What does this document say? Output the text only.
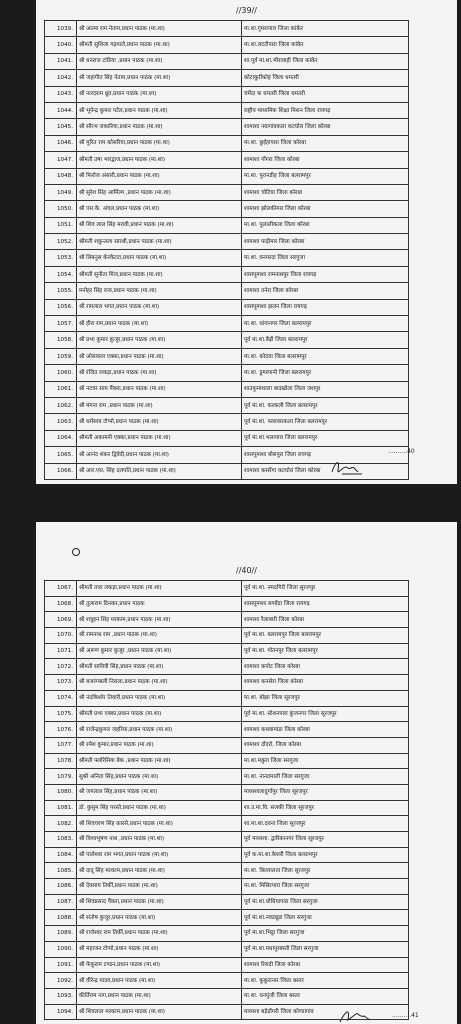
//39//
1039.	श्री आत्मा राम नेताम,प्रधान पाठक (मा.शा)	मा.शा.गुमरापारा जिला कांकेर
1040.	श्रीमती सुशिला गढ़पाले,प्रधान पाठक (मा.शा)	मा.शा.लटटीपारा जिला कांकेर
1041.	श्री धनराज टांडिया ,प्रधान पाठक (मा.शा)	शा.पूर्व मा.शा.भीरावाही जिला कांकेर
1042.	श्री जहांगीत सिंह नेताम,प्रधान पाठक (मा.शा)	कोटाकुर्रीकोहं जिला धमतरी
1043.	श्री नारदराम ध्रुव,प्रधान पाठक (मा.शा)	चमेंदा क धमतरी जिला धमतरी
1044.	श्री भूपेन्द्र कुमार पटेल,प्रधान पाठक (मा.शा)	राष्ट्रीय माध्यमिक शिक्षा मिशन जिला रायगढ़
1045.	श्री सौरभ जकारिया,प्रधान पाठक (मा.शा)	शामाशा नवागांवकला कटघोरा जिला कोरबा
1046.	श्री मुरित राम कोसरिया,प्रधान पाठक (मा.शा)	मा.शा. छुईहापारा जिला कोरबा
1047.	श्रीमती उषा भारद्वाज,प्रधान पाठक (मा.शा)	शामाशा गोंगरा जिला कोरबा
1048.	श्री फिरोज अंसारी,प्रधान पाठक (मा.शा)	मा.शा. पुरानडीह जिला बलरामपुर
1049.	श्री सुरेश सिंह आर्मिल्य ,प्रधान पाठक (मा.शा)	शामाशा चोटिया जिला कोरबा
1050.	श्री एस.के. अंचल,प्रधान पाठक (मा.शा)	शामाशा झोलकीमार जिला कोरबा
1051.	श्री शिव लाल सिंह मरावी,प्रधान पाठक (मा.शा)	मा.शा. पुलालीकला जिला कोरबा
1052.	श्रीमती शकुन्तला सारथी,प्रधान पाठक (मा.शा)	शामाशा पाड़ीमार जिला कोरबा
1053.	श्री लिबनुस केरकेटटा,प्रधान पाठक (मा.शा)	मा.शा. घनपरदा जिला सरगुजा
1054.	श्रीमती सुनीता मिंज,प्रधान पाठक (मा.शा)	शासपूमाशा रामनाथपुर जिला रायगढ़
1055.	मनोहर सिंह राज,प्रधान पाठक (मा.शा)	शामाशा तनेरा जिला कोरबा
1056.	श्री रामलाल भगत,प्रधान पाठक (मा.शा)	शासपूमाशा झलन जिला रायगढ़
1057.	श्री हीरा राम,प्रधान पाठक (मा.शा)	मा.शा. धांगानगर जिला बलरामपुर
1058.	श्री प्रभा कुमार कुजूर,प्रधान पाठक (मा.शा)	पूर्व मा.शा.बैढ़ी जिला बलरामपुर
1059.	श्री ओसवल्ल एक्का,प्रधान पाठक (मा.शा)	मा.शा. कोदया जिला बलरामपुर
1060.	श्री रंजित लकड़ा,प्रधान पाठक (मा.शा)	मा.शा. डूमरपानी जिला बलरामपुर
1061.	श्री नटवर साय पैंकरा,प्रधान पाठक (मा.शा)	शाउफूमाशाला बादखोला जिला जशपुर
1062.	श्री मंगना राम ,प्रधान पाठक (मा.शा)	पूर्व मा.शा. करकली जिला बलरामपुर
1063.	श्री धर्मसाय टोप्पो,प्रधान पाठक (मा.शा)	पूर्व मा.शा. परसवारकला जिला बलरामपुर
1064.	श्रीमती अकामनी एक्का,प्रधान पाठक (मा.शा)	पूर्व मा.शा.भलापारा जिला बलरामपुर
1065.	श्री आनंद शंकर द्विवेदी,प्रधान पाठक (मा.शा)	शासपूमाशा बोसपुरा जिला रायगढ़
1066.	श्री आर.एस. सिंह दलपति,प्रधान पाठक (मा.शा)	शामाशा कसरेंगा कटघोरा जिला कोरबा
..........40
//40//
1067.	श्रीमती तारा लकड़ा,प्रधान पाठक (मा.शा)	पूर्व मा.शा. नमदगिरी जिला सूरजपुर
1068.	श्री तुलाराम दिनकर,प्रधान पाठक	शासपूमाशा बगबेंदा जिला रायगढ़
1069.	श्री शत्रुहन सिंह मरकाम,प्रधान पाठक (मा.शा)	शामाशा रैलाबारी जिला कोरबा
1070.	श्री रामनाथ राम ,प्रधान पाठक (मा.शा)	पूर्व मा.शा. बलरामपुर जिला बलरामपुर
1071.	श्री अरूण कुमार कुजूर ,प्रधान पाठक (मा.शा)	पूर्व मा.शा. गोतनपुर जिला बलरामपुर
1072.	श्रीमती सावित्री सिंह,प्रधान पाठक (मा.शा)	शामाशा कपोट जिला कोरबा
1073.	श्री बजरंगबली निराला,प्रधान पाठक (मा.शा)	शामाशा कनसेरा जिला कोरबा
1074.	श्री नंदकिशोर तिवारी,प्रधान पाठक (मा.शा)	मा.शा. बोझा जिला सूरजपुर
1075.	श्रीमती प्रभा एक्का,प्रधान पाठक (मा.शा)	पूर्व मा.शा. स्टेशनपारा कुंजनगर जिला सूरजपुर
1076.	श्री राजेन्द्रकुमार जहरिया,प्रधान पाठक (मा.शा)	शामाशा कथवामांडा जिला कोरबा
1077.	श्री रमेश कुमार,प्रधान पाठक (मा.शा)	शामाशा दोंदरो, जिला कोरबा
1078.	श्रीमती फ्लोरेसिया बेक ,प्रधान पाठक (मा.शा)	मा.शा.मकुरा जिला सरगुजा
1079.	सुश्री अनिता सिंह,प्रधान पाठक (मा.शा)	मा.शा. नानदमाली जिला सरगुजा
1080.	श्री जगलाल सिंह,प्रधान पाठक (मा.शा)	माध्यशालादुर्गापुर जिला सूरजपुर
1081.	डॉ. कुसुम सिंह परस्ते,प्रधान पाठक (मा.शा)	शा.उ.मा.वि. सलकी जिला सूरजपुर
1082.	श्री शिवचरण सिंह कारसे,प्रधान पाठक (मा.शा)	शा.मा.शा.दवना जिला सूरजपुर
1083.	श्री विश्वभूषण नाथ ,प्रधान पाठक (मा.शा)	पूर्व माध्यशा. द्वारिकानगर जिला सूरजपुर
1084.	श्री पालेश्वर राम भगत,प्रधान पाठक (मा.शा)	पूर्व क.मा.शा.केशरी जिला बलरामपुर
1085.	श्री दादू सिंह मरकाम,प्रधान पाठक (मा.शा)	मा.शा. बिल्लालता जिला सूरजपुर
1086.	श्री देवसाय तिर्की,प्रधान पाठक (मा.शा)	मा.शा. मिसिरपारा जिला सरगुजा
1087.	श्री शिवप्रसाद पैंकरा,प्रधान पाठक (मा.शा)	पूर्व मा.शा.धोधियापारा जिला सरगुजा
1088.	श्री संतोष कुजूर,प्रधान पाठक (मा.शा)	पूर्व मा.शा.नवडबूडा जिला सरगुजा
1089.	श्री राजेश्वर राम तिर्की,प्रधान पाठक (मा.शा)	पूर्व मा.शा.भिट्ठा जिला सरगुजा
1090.	श्री महाजन टोप्पो,प्रधान पाठक (मा.शा)	पूर्व मा.शा.मधापुरबस्ती जिला सरगुजा
1091.	श्री फेकूराम टण्डन,प्रधान पाठक (मा.शा)	शामाशा रिसदी जिला कोरबा
1092.	श्री वीरेन्द्र यादव,प्रधान पाठक (मा.शा)	मा.शा. कुकुरानार जिला बस्तर
1093.	कीर्तिराम नाग,प्रधान पाठक (मा.शा)	मा.शा. धनपुंजी जिला बस्तर
1094.	श्री शिवलाल मरकाम,प्रधान पाठक (मा.शा)	माध्यशा बड़ेडोंगरी जिला कोण्डागांव
..........41
